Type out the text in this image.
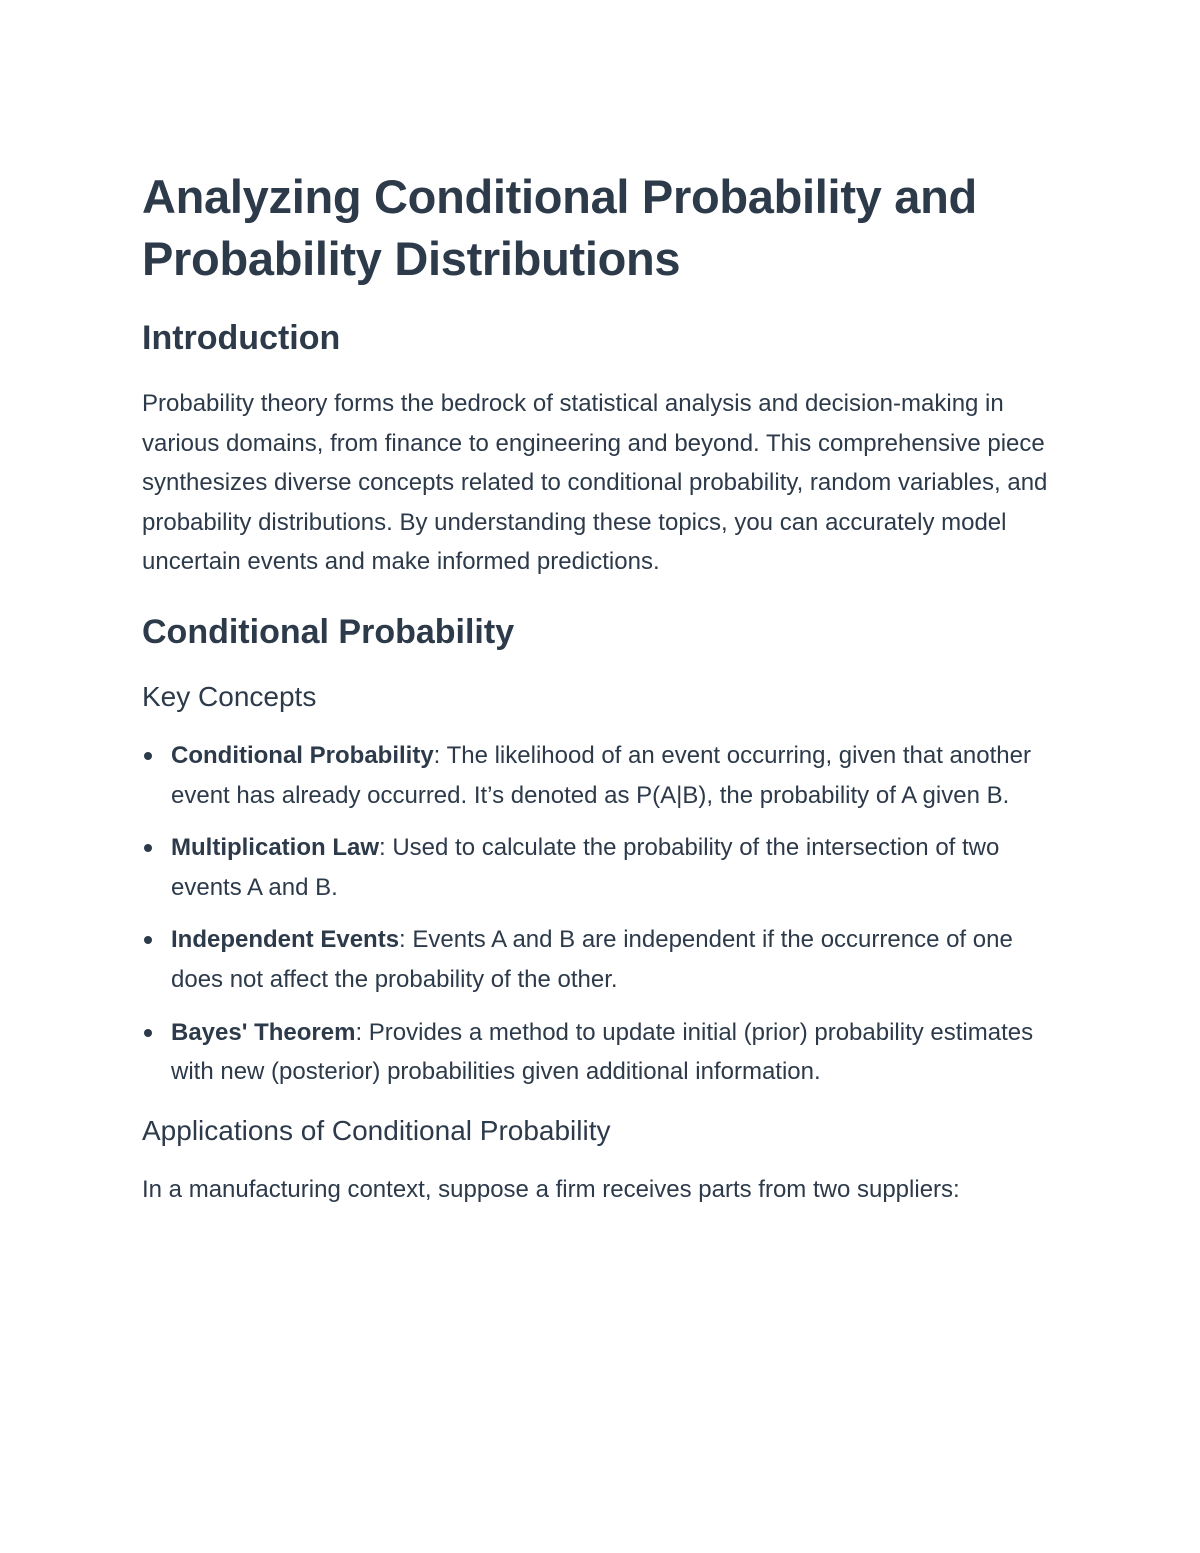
Analyzing Conditional Probability and Probability Distributions
Introduction

Probability theory forms the bedrock of statistical analysis and decision-making in various domains, from finance to engineering and beyond. This comprehensive piece synthesizes diverse concepts related to conditional probability, random variables, and probability distributions. By understanding these topics, you can accurately model uncertain events and make informed predictions.

Conditional Probability
Key Concepts
Conditional Probability: The likelihood of an event occurring, given that another event has already occurred. It’s denoted as P(A|B), the probability of A given B.
Multiplication Law: Used to calculate the probability of the intersection of two events A and B.
Independent Events: Events A and B are independent if the occurrence of one does not affect the probability of the other.
Bayes' Theorem: Provides a method to update initial (prior) probability estimates with new (posterior) probabilities given additional information.
Applications of Conditional Probability

In a manufacturing context, suppose a firm receives parts from two suppliers:
